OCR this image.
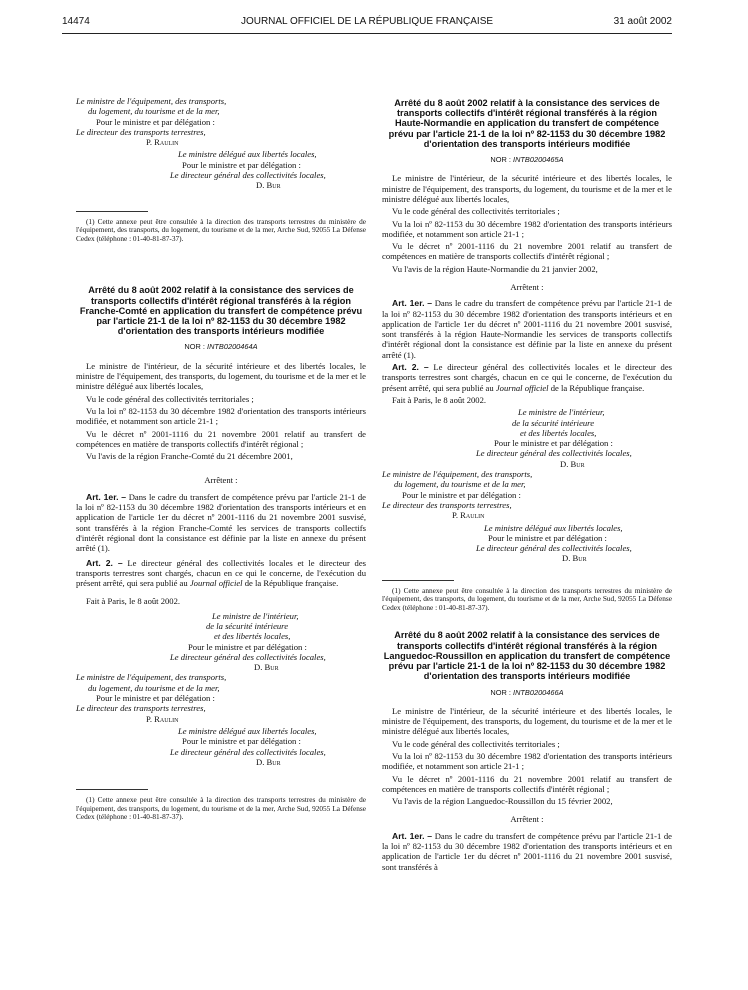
14474	JOURNAL OFFICIEL DE LA RÉPUBLIQUE FRANÇAISE	31 août 2002
Le ministre de l'équipement, des transports,
du logement, du tourisme et de la mer,
Pour le ministre et par délégation :
Le directeur des transports terrestres,
P. Raulin
Le ministre délégué aux libertés locales,
Pour le ministre et par délégation :
Le directeur général des collectivités locales,
D. Bur

(1) Cette annexe peut être consultée à la direction des transports terrestres du ministère de l'équipement, des transports, du logement, du tourisme et de la mer, Arche Sud, 92055 La Défense Cedex (téléphone : 01-40-81-87-37).

Arrêté du 8 août 2002 relatif à la consistance des services de transports collectifs d'intérêt régional transférés à la région Franche-Comté en application du transfert de compétence prévu par l'article 21-1 de la loi nº 82-1153 du 30 décembre 1982 d'orientation des transports intérieurs modifiée
NOR : INTB0200464A

Le ministre de l'intérieur, de la sécurité intérieure et des libertés locales, le ministre de l'équipement, des transports, du logement, du tourisme et de la mer et le ministre délégué aux libertés locales,

Vu le code général des collectivités territoriales ;

Vu la loi nº 82-1153 du 30 décembre 1982 d'orientation des transports intérieurs modifiée, et notamment son article 21-1 ;

Vu le décret nº 2001-1116 du 21 novembre 2001 relatif au transfert de compétences en matière de transports collectifs d'intérêt régional ;

Vu l'avis de la région Franche-Comté du 21 décembre 2001,

Arrêtent :

Art. 1er. – Dans le cadre du transfert de compétence prévu par l'article 21-1 de la loi nº 82-1153 du 30 décembre 1982 d'orientation des transports intérieurs et en application de l'article 1er du décret nº 2001-1116 du 21 novembre 2001 susvisé, sont transférés à la région Franche-Comté les services de transports collectifs d'intérêt régional dont la consistance est définie par la liste en annexe du présent arrêté (1).

Art. 2. – Le directeur général des collectivités locales et le directeur des transports terrestres sont chargés, chacun en ce qui le concerne, de l'exécution du présent arrêté, qui sera publié au Journal officiel de la République française.

Fait à Paris, le 8 août 2002.

Le ministre de l'intérieur,
de la sécurité intérieure
et des libertés locales,
Pour le ministre et par délégation :
Le directeur général des collectivités locales,
D. Bur
Le ministre de l'équipement, des transports,
du logement, du tourisme et de la mer,
Pour le ministre et par délégation :
Le directeur des transports terrestres,
P. Raulin
Le ministre délégué aux libertés locales,
Pour le ministre et par délégation :
Le directeur général des collectivités locales,
D. Bur

(1) Cette annexe peut être consultée à la direction des transports terrestres du ministère de l'équipement, des transports, du logement, du tourisme et de la mer, Arche Sud, 92055 La Défense Cedex (téléphone : 01-40-81-87-37).

Arrêté du 8 août 2002 relatif à la consistance des services de transports collectifs d'intérêt régional transférés à la région Haute-Normandie en application du transfert de compétence prévu par l'article 21-1 de la loi nº 82-1153 du 30 décembre 1982 d'orientation des transports intérieurs modifiée
NOR : INTB0200465A

Le ministre de l'intérieur, de la sécurité intérieure et des libertés locales, le ministre de l'équipement, des transports, du logement, du tourisme et de la mer et le ministre délégué aux libertés locales,

Vu le code général des collectivités territoriales ;

Vu la loi nº 82-1153 du 30 décembre 1982 d'orientation des transports intérieurs modifiée, et notamment son article 21-1 ;

Vu le décret nº 2001-1116 du 21 novembre 2001 relatif au transfert de compétences en matière de transports collectifs d'intérêt régional ;

Vu l'avis de la région Haute-Normandie du 21 janvier 2002,

Arrêtent :

Art. 1er. – Dans le cadre du transfert de compétence prévu par l'article 21-1 de la loi nº 82-1153 du 30 décembre 1982 d'orientation des transports intérieurs et en application de l'article 1er du décret nº 2001-1116 du 21 novembre 2001 susvisé, sont transférés à la région Haute-Normandie les services de transports collectifs d'intérêt régional dont la consistance est définie par la liste en annexe du présent arrêté (1).

Art. 2. – Le directeur général des collectivités locales et le directeur des transports terrestres sont chargés, chacun en ce qui le concerne, de l'exécution du présent arrêté, qui sera publié au Journal officiel de la République française.

Fait à Paris, le 8 août 2002.

Le ministre de l'intérieur,
de la sécurité intérieure
et des libertés locales,
Pour le ministre et par délégation :
Le directeur général des collectivités locales,
D. Bur
Le ministre de l'équipement, des transports,
du logement, du tourisme et de la mer,
Pour le ministre et par délégation :
Le directeur des transports terrestres,
P. Raulin
Le ministre délégué aux libertés locales,
Pour le ministre et par délégation :
Le directeur général des collectivités locales,
D. Bur

(1) Cette annexe peut être consultée à la direction des transports terrestres du ministère de l'équipement, des transports, du logement, du tourisme et de la mer, Arche Sud, 92055 La Défense Cedex (téléphone : 01-40-81-87-37).

Arrêté du 8 août 2002 relatif à la consistance des services de transports collectifs d'intérêt régional transférés à la région Languedoc-Roussillon en application du transfert de compétence prévu par l'article 21-1 de la loi nº 82-1153 du 30 décembre 1982 d'orientation des transports intérieurs modifiée
NOR : INTB0200466A

Le ministre de l'intérieur, de la sécurité intérieure et des libertés locales, le ministre de l'équipement, des transports, du logement, du tourisme et de la mer et le ministre délégué aux libertés locales,

Vu le code général des collectivités territoriales ;

Vu la loi nº 82-1153 du 30 décembre 1982 d'orientation des transports intérieurs modifiée, et notamment son article 21-1 ;

Vu le décret nº 2001-1116 du 21 novembre 2001 relatif au transfert de compétences en matière de transports collectifs d'intérêt régional ;

Vu l'avis de la région Languedoc-Roussillon du 15 février 2002,

Arrêtent :

Art. 1er. – Dans le cadre du transfert de compétence prévu par l'article 21-1 de la loi nº 82-1153 du 30 décembre 1982 d'orientation des transports intérieurs et en application de l'article 1er du décret nº 2001-1116 du 21 novembre 2001 susvisé, sont transférés à
